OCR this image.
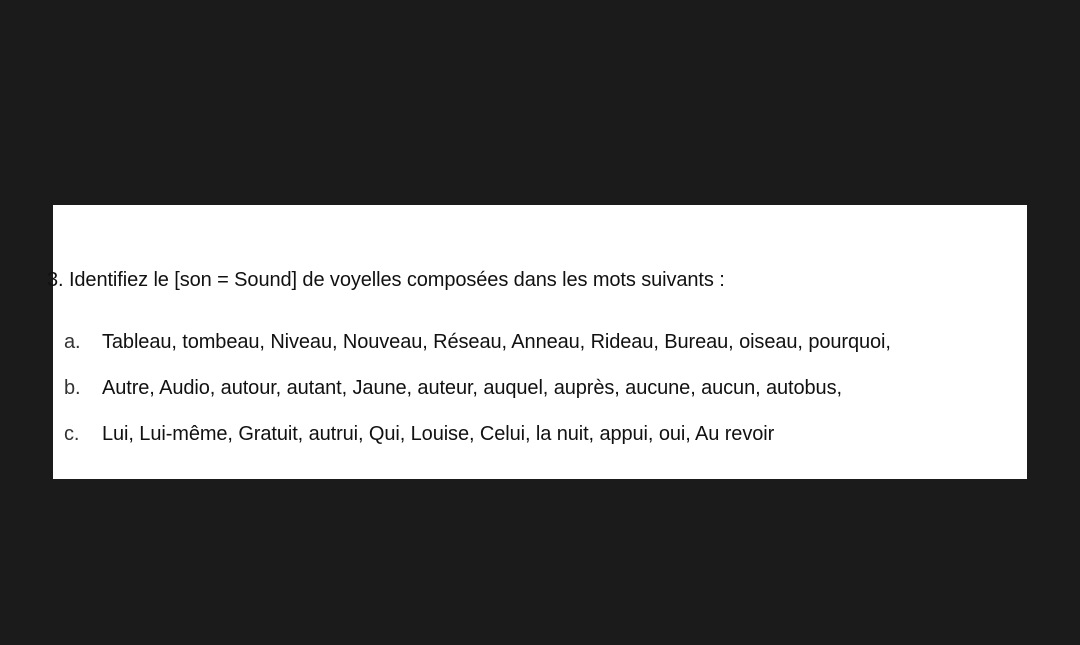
3. Identifiez le [son = Sound] de voyelles composées dans les mots suivants :

a. Tableau, tombeau, Niveau, Nouveau, Réseau, Anneau, Rideau, Bureau, oiseau, pourquoi,
b. Autre, Audio, autour, autant, Jaune, auteur, auquel, auprès, aucune, aucun, autobus,
c. Lui, Lui-même, Gratuit, autrui, Qui, Louise, Celui, la nuit, appui, oui, Au revoir
